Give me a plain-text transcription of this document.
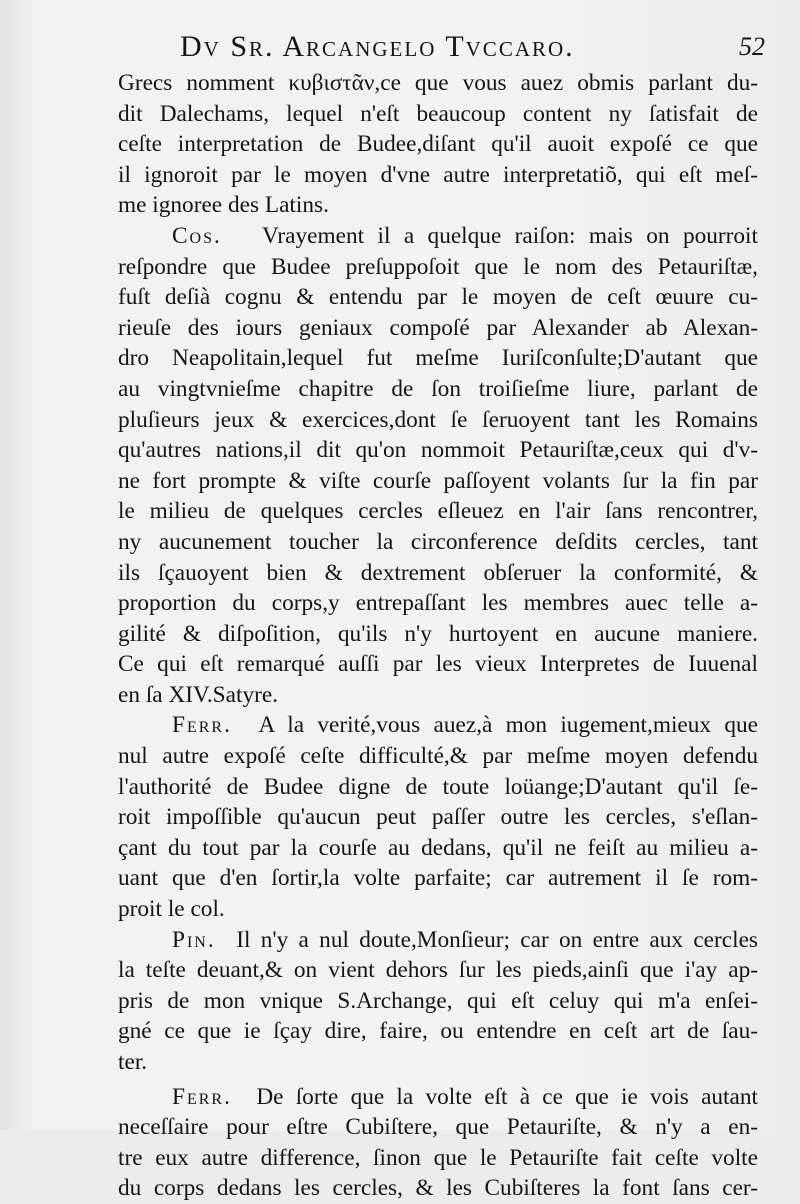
Dv Sr. Arcangelo Tvccaro.	52
Grecs nomment κυβιστᾶν,ce que vous auez obmis parlant du-
dit Dalechams, lequel n'eſt beaucoup content ny ſatisfait de
ceſte interpretation de Budee,diſant qu'il auoit expoſé ce que
il ignoroit par le moyen d'vne autre interpretatiõ, qui eſt meſ-
me ignoree des Latins.
Cos. Vrayement il a quelque raiſon: mais on pourroit
reſpondre que Budee preſuppoſoit que le nom des Petauriſtæ,
fuſt deſià cognu & entendu par le moyen de ceſt œuure cu-
rieuſe des iours geniaux compoſé par Alexander ab Alexan-
dro Neapolitain,lequel fut meſme Iuriſconſulte;D'autant que
au vingtvnieſme chapitre de ſon troiſieſme liure, parlant de
pluſieurs jeux & exercices,dont ſe ſeruoyent tant les Romains
qu'autres nations,il dit qu'on nommoit Petauriſtæ,ceux qui d'v-
ne fort prompte & viſte courſe paſſoyent volants ſur la fin par
le milieu de quelques cercles eſleuez en l'air ſans rencontrer,
ny aucunement toucher la circonference deſdits cercles, tant
ils ſçauoyent bien & dextrement obſeruer la conformité, &
proportion du corps,y entrepaſſant les membres auec telle a-
gilité & diſpoſition, qu'ils n'y hurtoyent en aucune maniere.
Ce qui eſt remarqué auſſi par les vieux Interpretes de Iuuenal
en ſa XIV.Satyre.
Ferr. A la verité,vous auez,à mon iugement,mieux que
nul autre expoſé ceſte difficulté,& par meſme moyen defendu
l'authorité de Budee digne de toute loüange;D'autant qu'il ſe-
roit impoſſible qu'aucun peut paſſer outre les cercles, s'eſlan-
çant du tout par la courſe au dedans, qu'il ne feiſt au milieu a-
uant que d'en ſortir,la volte parfaite; car autrement il ſe rom-
proit le col.
Pin. Il n'y a nul doute,Monſieur; car on entre aux cercles
la teſte deuant,& on vient dehors ſur les pieds,ainſi que i'ay ap-
pris de mon vnique S.Archange, qui eſt celuy qui m'a enſei-
gné ce que ie ſçay dire, faire, ou entendre en ceſt art de ſau-
ter.
Ferr. De ſorte que la volte eſt à ce que ie vois autant
neceſſaire pour eſtre Cubiſtere, que Petauriſte, & n'y a en-
tre eux autre difference, ſinon que le Petauriſte fait ceſte volte
du corps dedans les cercles, & les Cubiſteres la font ſans cer-
